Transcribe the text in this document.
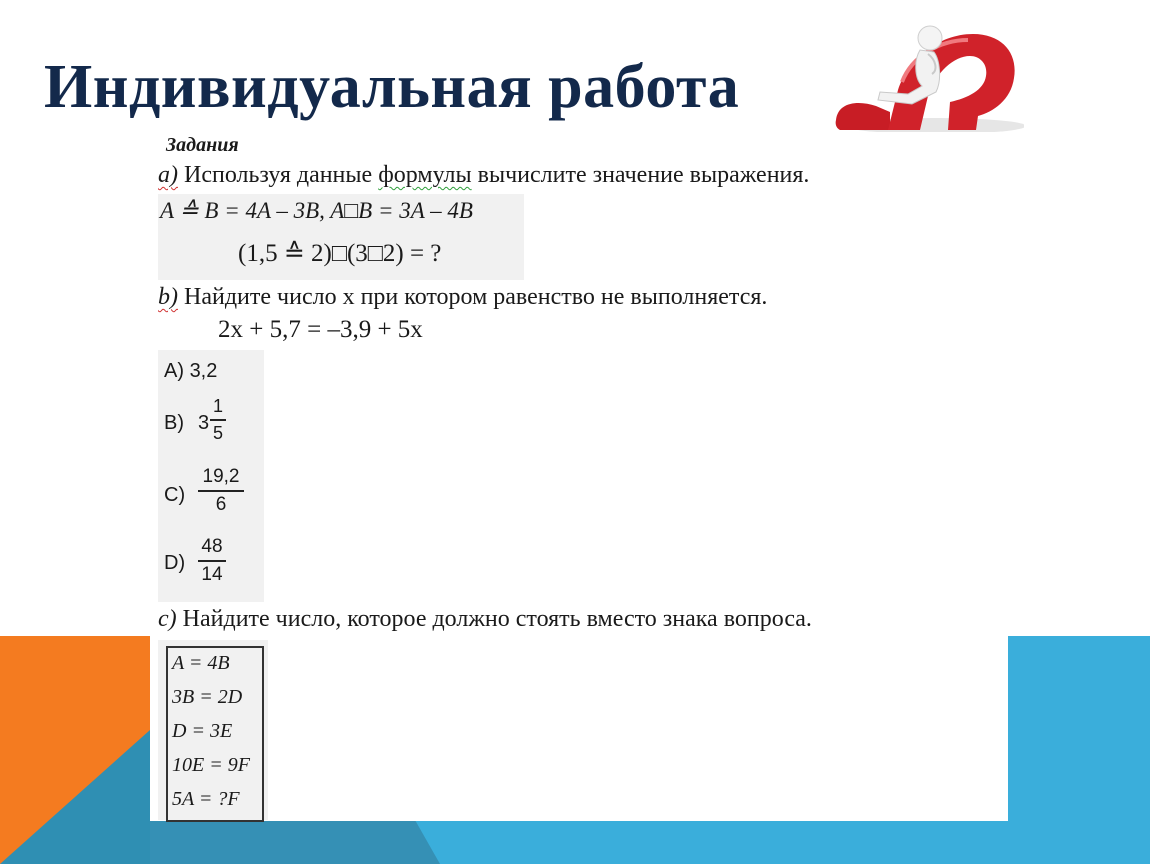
Индивидуальная работа
Задания
a) Используя данные формулы вычислите значение выражения.
A ≙ B = 4A – 3B, A□B = 3A – 4B
(1,5 ≙ 2)□(3□2) = ?
b) Найдите число x при котором равенство не выполняется.
2x + 5,7 = –3,9 + 5x
A) 3,2
B) 3
1
5
C)
19,2
6
D)
48
14
c) Найдите число, которое должно стоять вместо знака вопроса.
A = 4B
3B = 2D
D = 3E
10E = 9F
5A = ?F
